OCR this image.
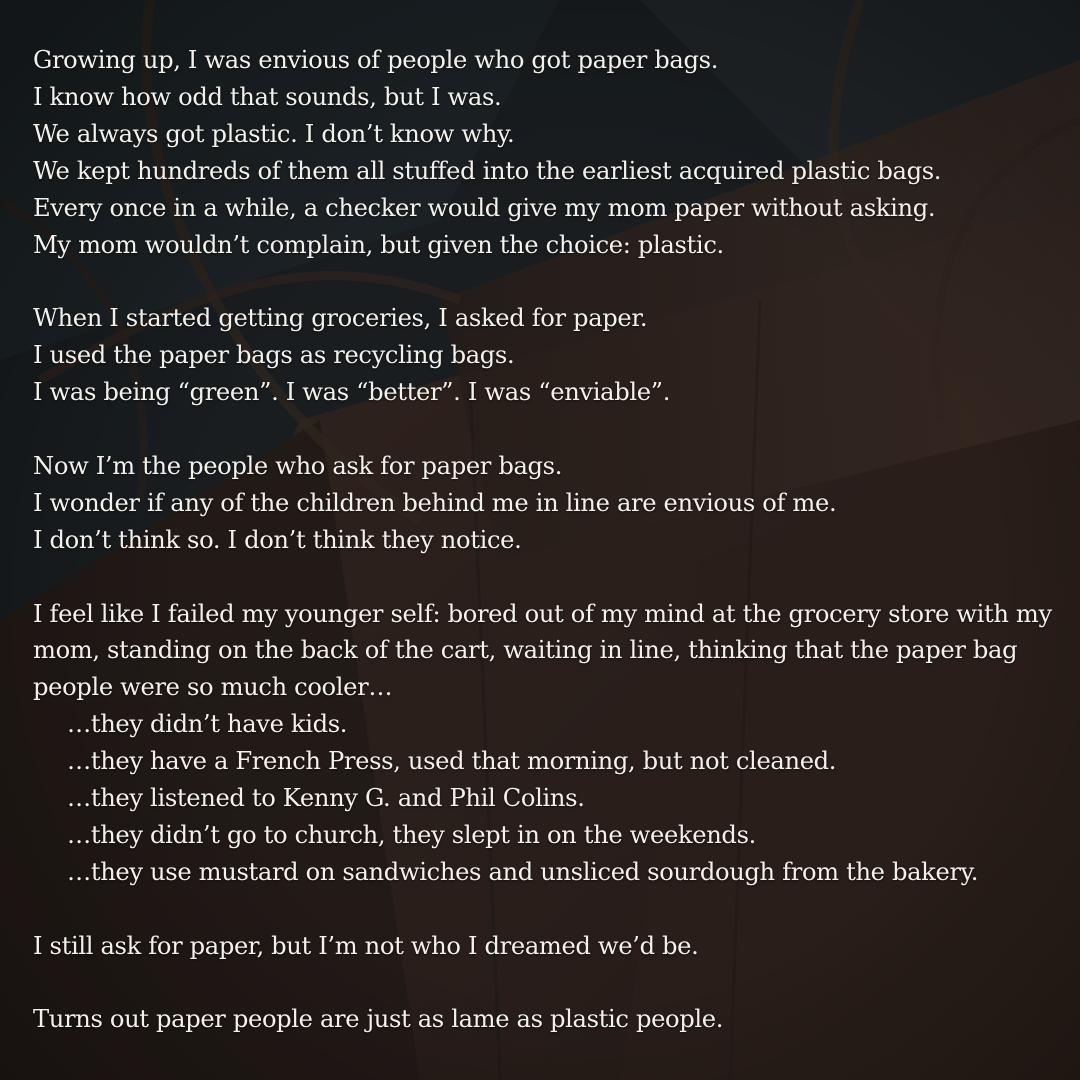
Growing up, I was envious of people who got paper bags.
I know how odd that sounds, but I was.
We always got plastic. I don’t know why.
We kept hundreds of them all stuffed into the earliest acquired plastic bags.
Every once in a while, a checker would give my mom paper without asking.
My mom wouldn’t complain, but given the choice: plastic.
When I started getting groceries, I asked for paper.
I used the paper bags as recycling bags.
I was being “green”. I was “better”. I was “enviable”.
Now I’m the people who ask for paper bags.
I wonder if any of the children behind me in line are envious of me.
I don’t think so. I don’t think they notice.
I feel like I failed my younger self: bored out of my mind at the grocery store with my mom, standing on the back of the cart, waiting in line, thinking that the paper bag people were so much cooler…
…they didn’t have kids.
…they have a French Press, used that morning, but not cleaned.
…they listened to Kenny G. and Phil Colins.
…they didn’t go to church, they slept in on the weekends.
…they use mustard on sandwiches and unsliced sourdough from the bakery.
I still ask for paper, but I’m not who I dreamed we’d be.
Turns out paper people are just as lame as plastic people.
